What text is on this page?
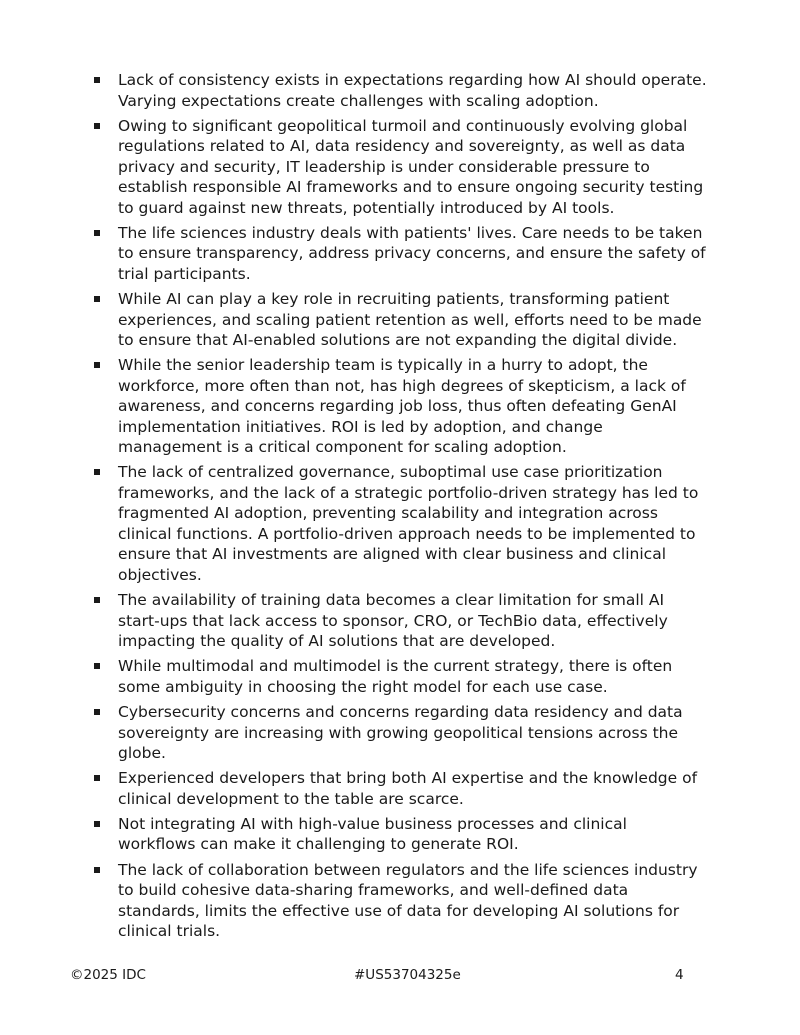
Lack of consistency exists in expectations regarding how AI should operate. Varying expectations create challenges with scaling adoption.
Owing to significant geopolitical turmoil and continuously evolving global regulations related to AI, data residency and sovereignty, as well as data privacy and security, IT leadership is under considerable pressure to establish responsible AI frameworks and to ensure ongoing security testing to guard against new threats, potentially introduced by AI tools.
The life sciences industry deals with patients' lives. Care needs to be taken to ensure transparency, address privacy concerns, and ensure the safety of trial participants.
While AI can play a key role in recruiting patients, transforming patient experiences, and scaling patient retention as well, efforts need to be made to ensure that AI-enabled solutions are not expanding the digital divide.
While the senior leadership team is typically in a hurry to adopt, the workforce, more often than not, has high degrees of skepticism, a lack of awareness, and concerns regarding job loss, thus often defeating GenAI implementation initiatives. ROI is led by adoption, and change management is a critical component for scaling adoption.
The lack of centralized governance, suboptimal use case prioritization frameworks, and the lack of a strategic portfolio-driven strategy has led to fragmented AI adoption, preventing scalability and integration across clinical functions. A portfolio-driven approach needs to be implemented to ensure that AI investments are aligned with clear business and clinical objectives.
The availability of training data becomes a clear limitation for small AI start-ups that lack access to sponsor, CRO, or TechBio data, effectively impacting the quality of AI solutions that are developed.
While multimodal and multimodel is the current strategy, there is often some ambiguity in choosing the right model for each use case.
Cybersecurity concerns and concerns regarding data residency and data sovereignty are increasing with growing geopolitical tensions across the globe.
Experienced developers that bring both AI expertise and the knowledge of clinical development to the table are scarce.
Not integrating AI with high-value business processes and clinical workflows can make it challenging to generate ROI.
The lack of collaboration between regulators and the life sciences industry to build cohesive data-sharing frameworks, and well-defined data standards, limits the effective use of data for developing AI solutions for clinical trials.
©2025 IDC	#US53704325e	4
